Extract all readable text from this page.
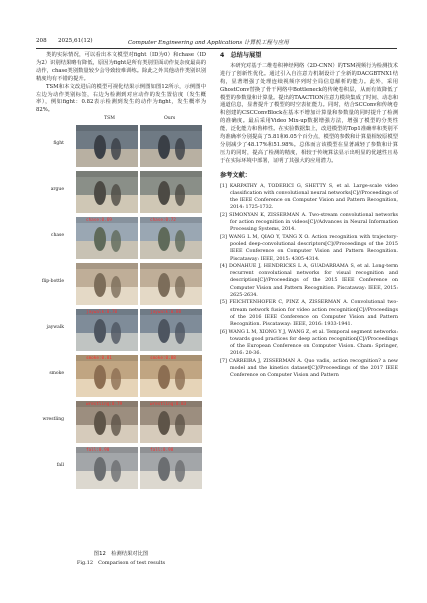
208 2025,61(12)	Computer Engineering and Applications 计算机工程与应用

类的实际情况，可以看出本文模型对fight（ID为0）和chase（ID为2）识别结果略有降低，原因为fight是所有类别里面动作复杂度最高的动作，chase类别数量较少会导致较难训练。除此之外其他动作类别识别精度均有不错的提升。

TSM和本文改进后的模型可视化结果示例图如图12所示，示例图中左边为动作类别标签，右边为检测到对应动作的发生置信度（发生概率），例如fight：0.82表示检测到发生的动作为fight，发生概率为82%。

TSM	Ours
fight
argue
chase
chase:0.69	chase:0.72
flip-bottle
jaywalk
jaywalk:0.70	jaywalk:0.80
smoke
smoke:0.81	smoke:0.88
wrestling
wrestling:0.79	wrestling:0.83
fall
fall:0.90	fall:0.98
图12　检测结果对比图
Fig.12　Comparison of test results
4　总结与展望

本研究对基于二维卷积神经网络（2D-CNN）的TSM视频行为检测技术进行了创新性优化。通过引入自注意力机制设计了全新的DACGBTNX1结构，显著增强了处理连续视频序列时全局信息解析的能力。此外，采用GhostConv替换了骨干网络中Bottleneck的传统卷积层，从而有效降低了模型的参数量和计算量。提出的TAACTION注意力模块集成了时间、动态和通道信息，显著提升了模型的时空表征能力。同时，结合SCConv和传统卷积创建的CSCConvBlock在基本不增加计算量和参数量的同时提升了检测的准确度。最后采用Video Mix-up数据增强方法，增强了模型的分类性能，泛化能力和鲁棒性。在实验数据集上，改进模型的Top1准确率和类别平均准确率分别提高了5.81和6.05个百分点，模型的参数和计算量相较原模型分别减少了48.17%和51.98%。总体而言该模型在显著减轻了参数和计算压力的同时，提高了检测的精度，相较于传统算法显示出明显的优越性且易于在实际环境中部署，证明了其强大的应用潜力。

参考文献：
[1] KARPATHY A, TODERICI G, SHETTY S, et al. Large-scale video classification with convolutional neural networks[C]//Proceedings of the IEEE Conference on Computer Vision and Pattern Recognition, 2014: 1725-1732.
[2] SIMONYAN K, ZISSERMAN A. Two-stream convolutional networks for action recognition in videos[C]//Advances in Neural Information Processing Systems, 2014.
[3] WANG L M, QIAO Y, TANG X O. Action recognition with trajectory-pooled deep-convolutional descriptors[C]//Proceedings of the 2015 IEEE Conference on Computer Vision and Pattern Recognition. Piscataway: IEEE, 2015: 4305-4314.
[4] DONAHUE J, HENDRICKS L A, GUADARRAMA S, et al. Long-term recurrent convolutional networks for visual recognition and description[C]//Proceedings of the 2015 IEEE Conference on Computer Vision and Pattern Recognition. Piscataway: IEEE, 2015: 2625-2634.
[5] FEICHTENHOFER C, PINZ A, ZISSERMAN A. Convolutional two-stream network fusion for video action recognition[C]//Proceedings of the 2016 IEEE Conference on Computer Vision and Pattern Recognition. Piscataway: IEEE, 2016: 1933-1941.
[6] WANG L M, XIONG Y J, WANG Z, et al. Temporal segment networks: towards good practices for deep action recognition[C]//Proceedings of the European Conference on Computer Vision. Cham: Springer, 2016: 20-36.
[7] CARREIRA J, ZISSERMAN A. Quo vadis, action recognition? a new model and the kinetics dataset[C]//Proceedings of the 2017 IEEE Conference on Computer Vision and Pattern
